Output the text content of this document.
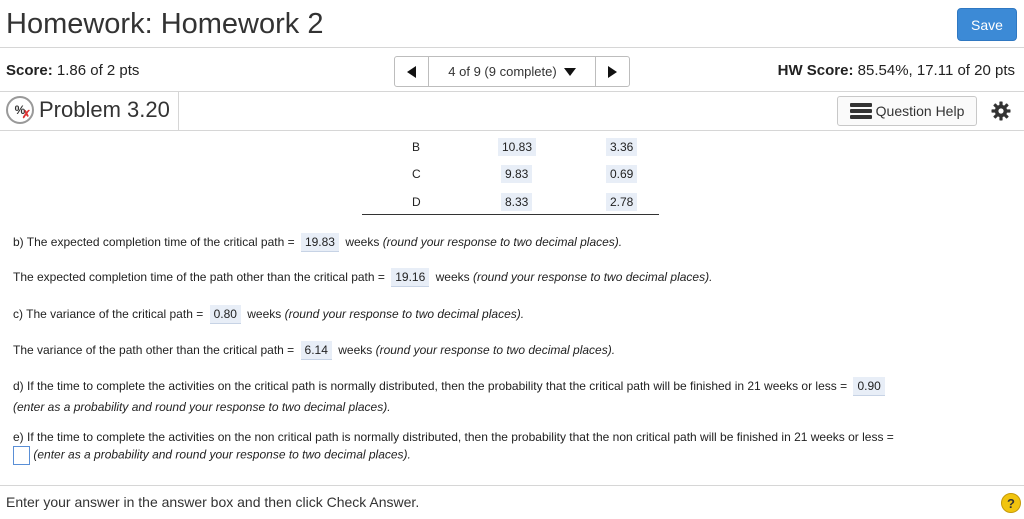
Homework: Homework 2	Save
Score: 1.86 of 2 pts	4 of 9 (9 complete)	HW Score: 85.54%, 17.11 of 20 pts
%
✗ Problem 3.20	Question Help
B	10.83	3.36
C	9.83	0.69
D	8.33	2.78
b) The expected completion time of the critical path = 19.83 weeks (round your response to two decimal places).
The expected completion time of the path other than the critical path = 19.16 weeks (round your response to two decimal places).
c) The variance of the critical path = 0.80 weeks (round your response to two decimal places).
The variance of the path other than the critical path = 6.14 weeks (round your response to two decimal places).
d) If the time to complete the activities on the critical path is normally distributed, then the probability that the critical path will be finished in 21 weeks or less = 0.90
(enter as a probability and round your response to two decimal places).
e) If the time to complete the activities on the non critical path is normally distributed, then the probability that the non critical path will be finished in 21 weeks or less =
(enter as a probability and round your response to two decimal places).
Enter your answer in the answer box and then click Check Answer.	?
